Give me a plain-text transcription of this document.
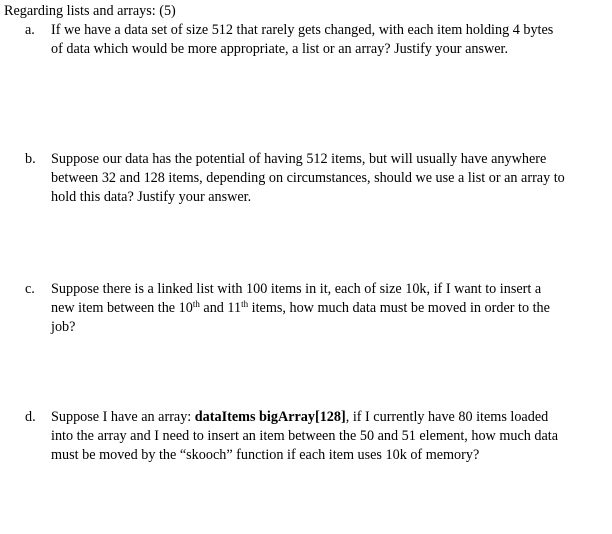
Regarding lists and arrays: (5)
a. If we have a data set of size 512 that rarely gets changed, with each item holding 4 bytes of data which would be more appropriate, a list or an array? Justify your answer.
b. Suppose our data has the potential of having 512 items, but will usually have anywhere between 32 and 128 items, depending on circumstances, should we use a list or an array to hold this data? Justify your answer.
c. Suppose there is a linked list with 100 items in it, each of size 10k, if I want to insert a new item between the 10th and 11th items, how much data must be moved in order to the job?
d. Suppose I have an array: dataItems bigArray[128], if I currently have 80 items loaded into the array and I need to insert an item between the 50 and 51 element, how much data must be moved by the “skooch” function if each item uses 10k of memory?
